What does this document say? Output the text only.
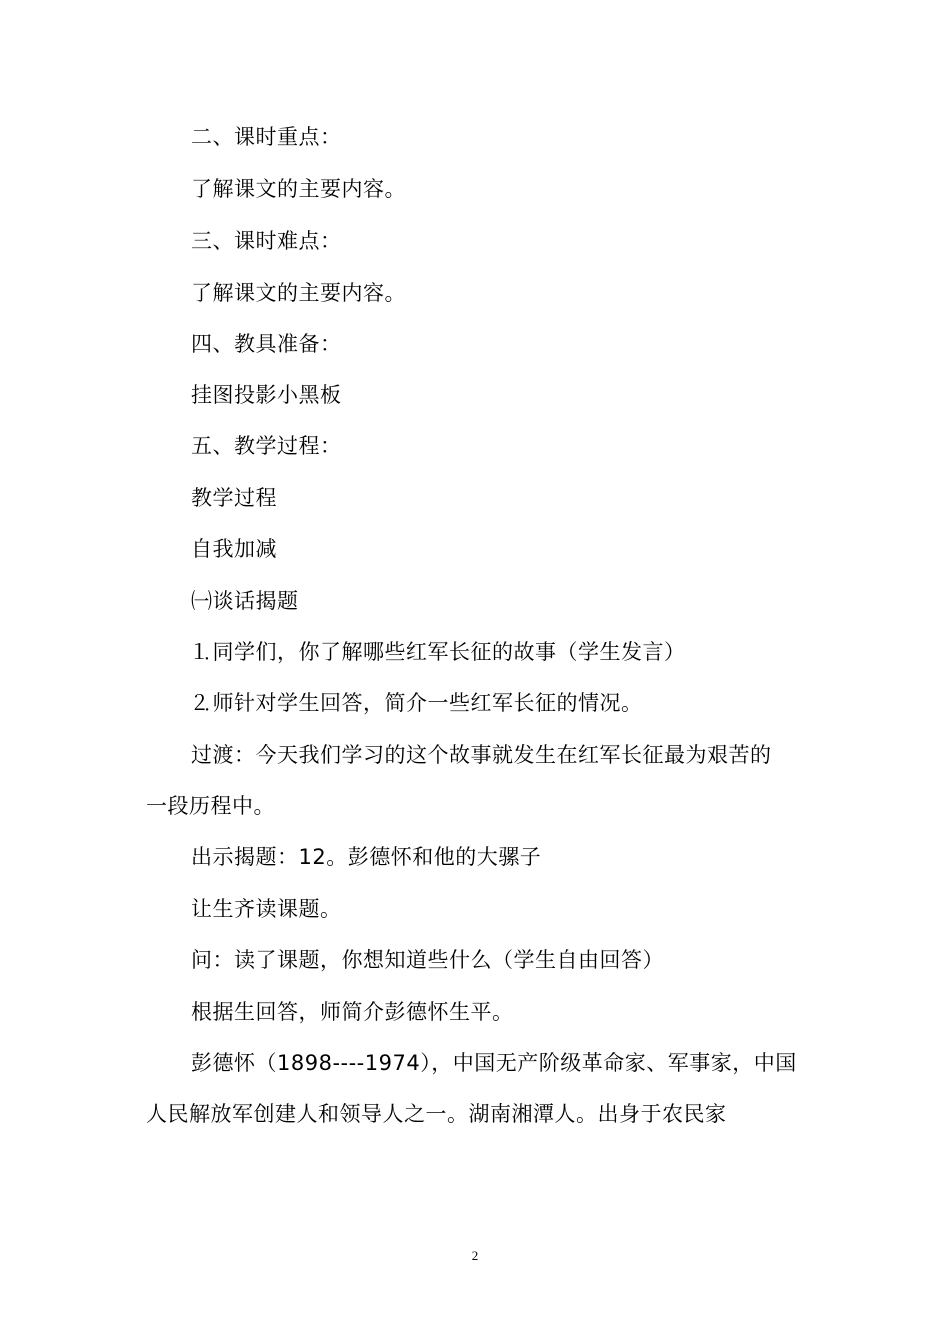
二、课时重点：
了解课文的主要内容。
三、课时难点：
了解课文的主要内容。
四、教具准备：
挂图投影小黑板
五、教学过程：
教学过程
自我加减
㈠谈话揭题
⒈同学们，你了解哪些红军长征的故事（学生发言）
⒉师针对学生回答，简介一些红军长征的情况。
过渡：今天我们学习的这个故事就发生在红军长征最为艰苦的
一段历程中。
出示揭题：12。彭德怀和他的大骡子
让生齐读课题。
问：读了课题，你想知道些什么（学生自由回答）
根据生回答，师简介彭德怀生平。
彭德怀（1898----1974），中国无产阶级革命家、军事家，中国
人民解放军创建人和领导人之一。湖南湘潭人。出身于农民家
2
